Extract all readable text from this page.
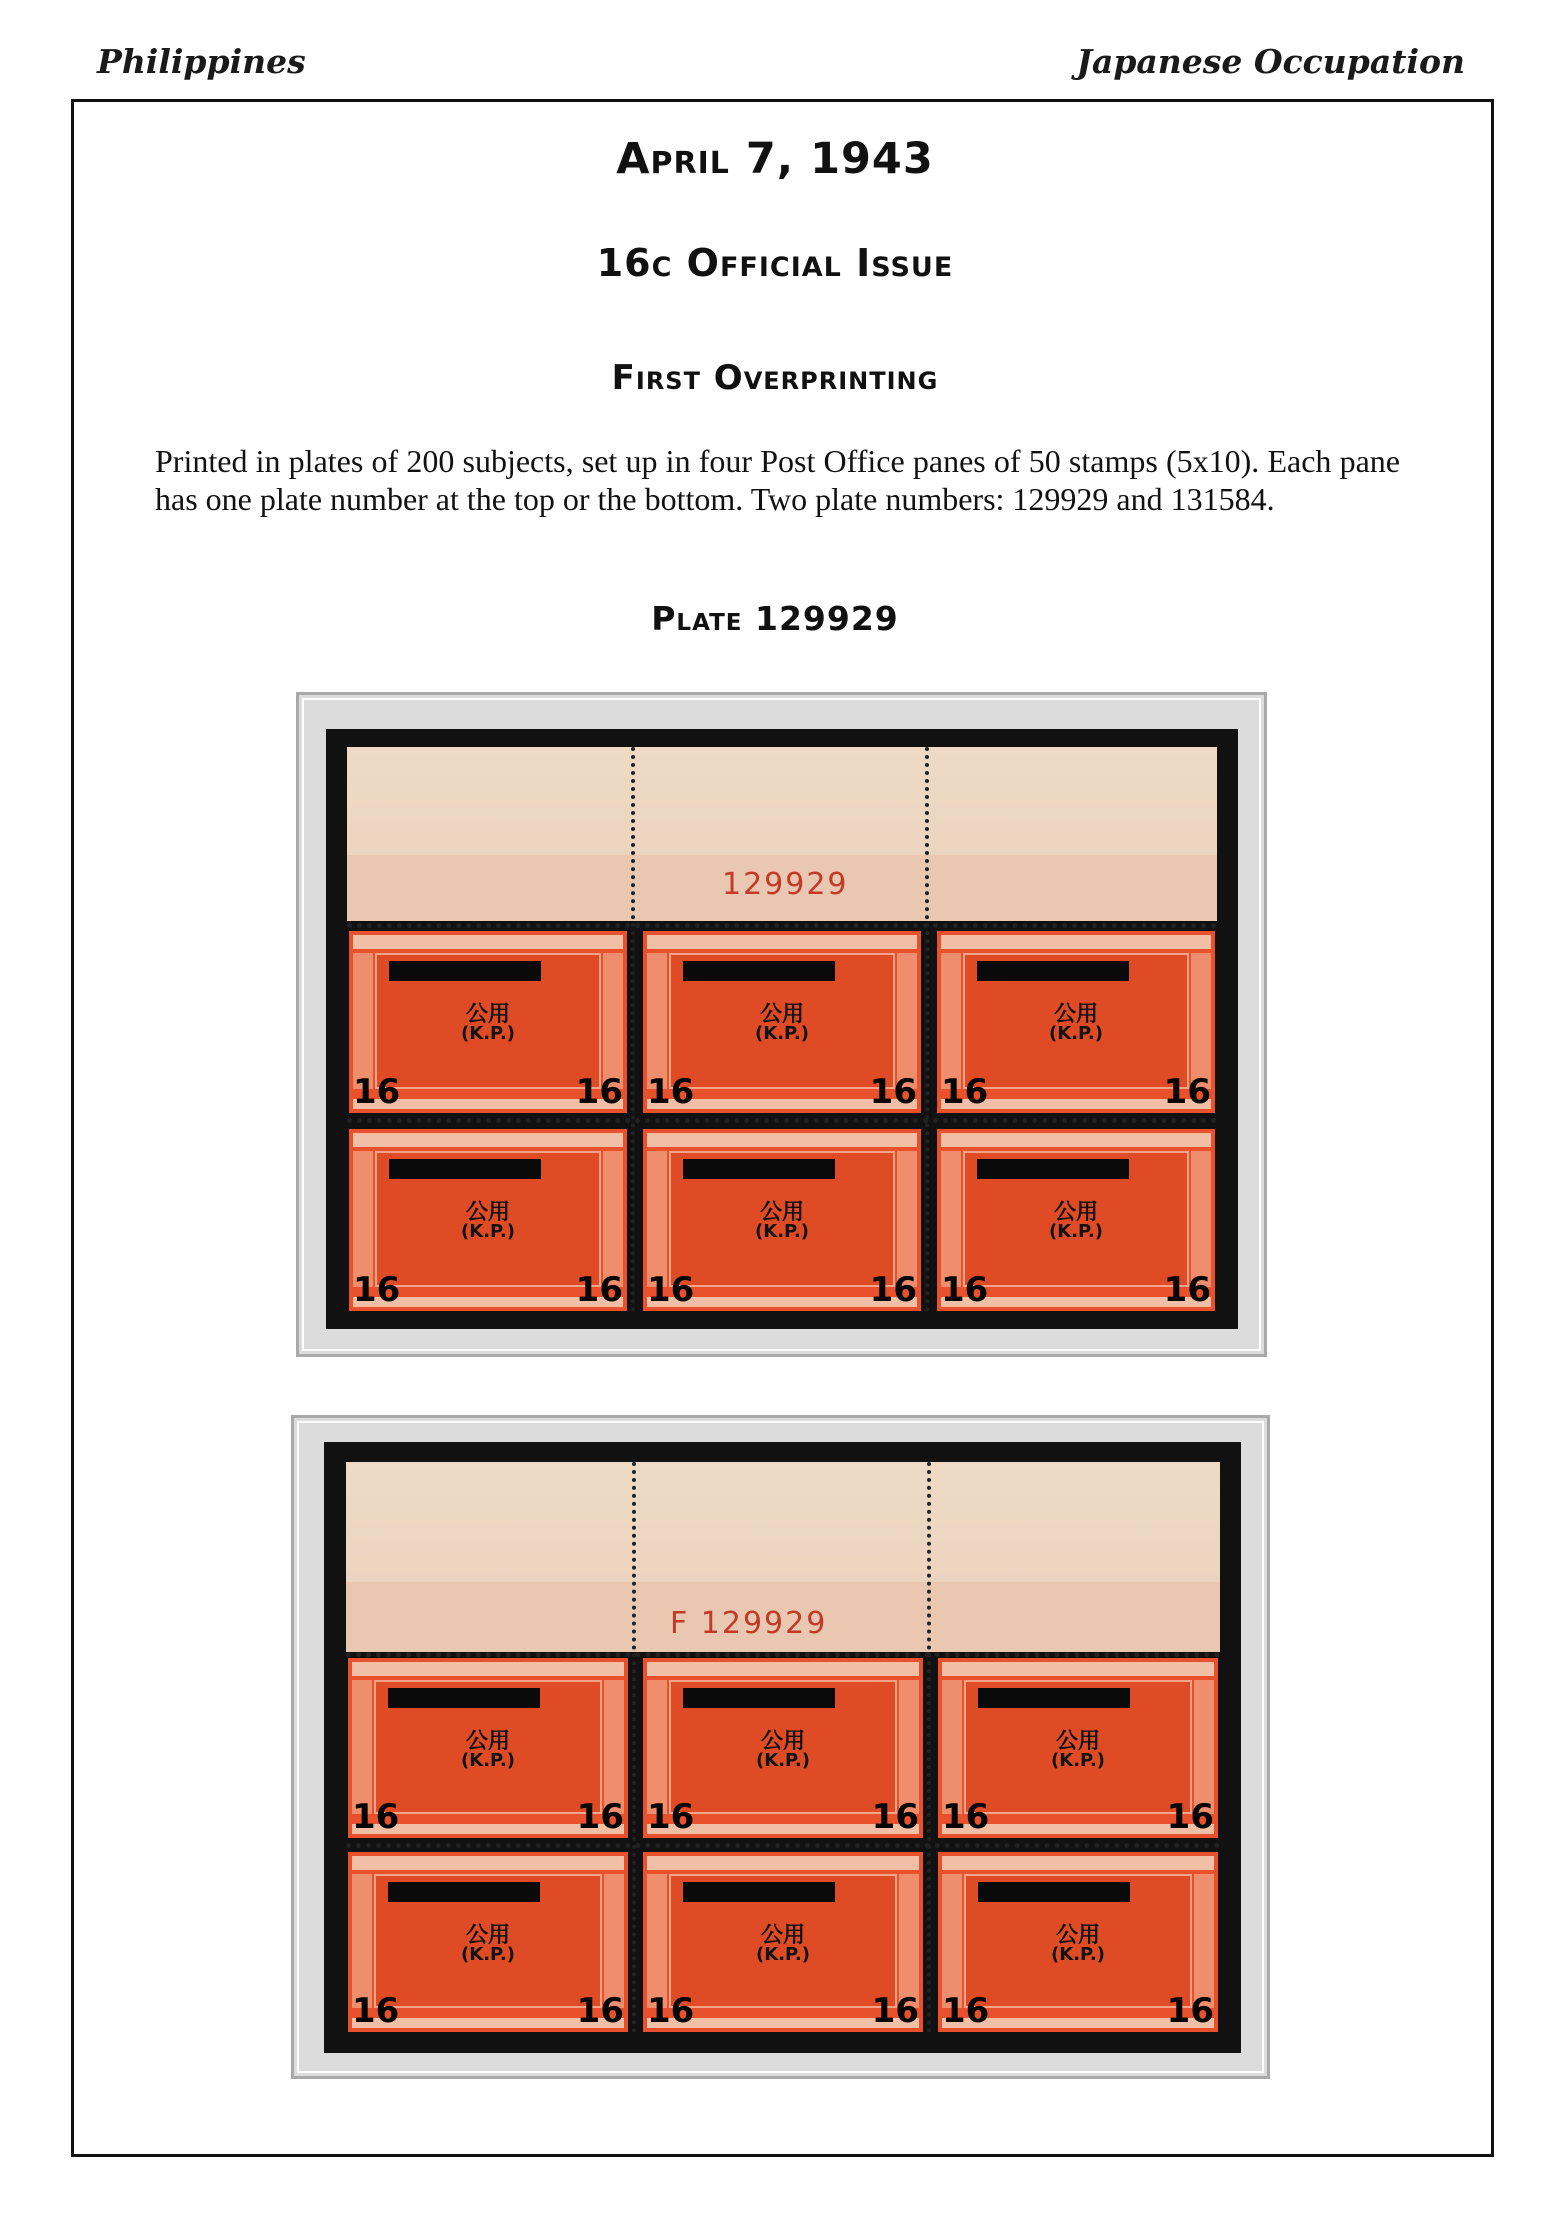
Philippines	Japanese Occupation
April 7, 1943
16c Official Issue
First Overprinting
Printed in plates of 200 subjects, set up in four Post Office panes of 50 stamps (5x10). Each pane has one plate number at the top or the bottom. Two plate numbers: 129929 and 131584.
Plate 129929
129929
公用
(K.P.)
16	16
公用
(K.P.)
16	16
公用
(K.P.)
16	16
公用
(K.P.)
16	16
公用
(K.P.)
16	16
公用
(K.P.)
16	16
F 129929
公用
(K.P.)
16	16
公用
(K.P.)
16	16
公用
(K.P.)
16	16
公用
(K.P.)
16	16
公用
(K.P.)
16	16
公用
(K.P.)
16	16
